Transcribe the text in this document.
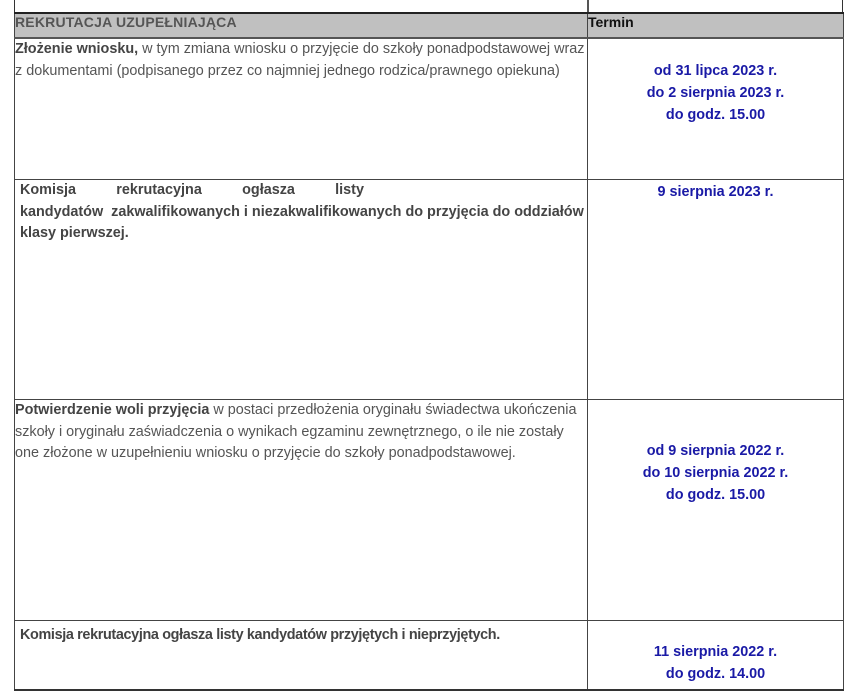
REKRUTACJA UZUPEŁNIAJĄCA	Termin
Złożenie wniosku, w tym zmiana wniosku o przyjęcie do szkoły ponadpodstawowej wraz z dokumentami (podpisanego przez co najmniej jednego rodzica/prawnego opiekuna)	od 31 lipca 2023 r.
do 2 sierpnia 2023 r.
do godz. 15.00

Komisja rekrutacyjna ogłasza listy
kandydatów  zakwalifikowanych i niezakwalifikowanych do przyjęcia do oddziałów klasy pierwszej.	9 sierpnia 2023 r.

Potwierdzenie woli przyjęcia w postaci przedłożenia oryginału świadectwa ukończenia szkoły i oryginału zaświadczenia o wynikach egzaminu zewnętrznego, o ile nie zostały one złożone w uzupełnieniu wniosku o przyjęcie do szkoły ponadpodstawowej.	od 9 sierpnia 2022 r.
do 10 sierpnia 2022 r.
do godz. 15.00

Komisja rekrutacyjna ogłasza listy kandydatów przyjętych i nieprzyjętych.	11 sierpnia 2022 r.
do godz. 14.00
